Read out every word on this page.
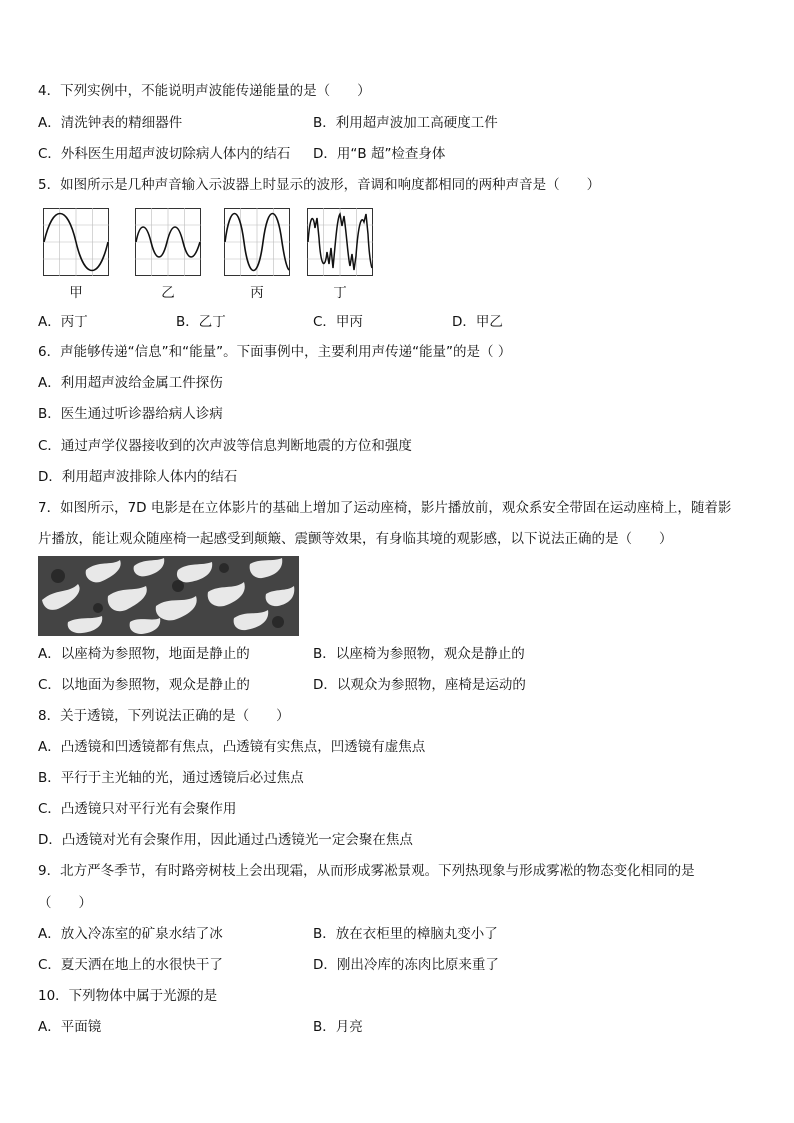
4．下列实例中，不能说明声波能传递能量的是（　　）
A．清洗钟表的精细器件	B．利用超声波加工高硬度工件
C．外科医生用超声波切除病人体内的结石 D．用“B 超”检查身体
5．如图所示是几种声音输入示波器上时显示的波形，音调和响度都相同的两种声音是（　　）
甲	乙	丙	丁
A．丙丁	B．乙丁	C．甲丙	D．甲乙
6．声能够传递“信息”和“能量”。下面事例中，主要利用声传递“能量”的是（ ）
A．利用超声波给金属工件探伤
B．医生通过听诊器给病人诊病
C．通过声学仪器接收到的次声波等信息判断地震的方位和强度
D．利用超声波排除人体内的结石
7．如图所示，7D 电影是在立体影片的基础上增加了运动座椅，影片播放前，观众系安全带固在运动座椅上，随着影
片播放，能让观众随座椅一起感受到颠簸、震颤等效果，有身临其境的观影感，以下说法正确的是（　　）
A．以座椅为参照物，地面是静止的	B．以座椅为参照物，观众是静止的
C．以地面为参照物，观众是静止的	D．以观众为参照物，座椅是运动的
8．关于透镜，下列说法正确的是（　　）
A．凸透镜和凹透镜都有焦点，凸透镜有实焦点，凹透镜有虚焦点
B．平行于主光轴的光，通过透镜后必过焦点
C．凸透镜只对平行光有会聚作用
D．凸透镜对光有会聚作用，因此通过凸透镜光一定会聚在焦点
9．北方严冬季节，有时路旁树枝上会出现霜，从而形成雾凇景观。下列热现象与形成雾凇的物态变化相同的是
（　　）
A．放入冷冻室的矿泉水结了冰	B．放在衣柜里的樟脑丸变小了
C．夏天洒在地上的水很快干了	D．刚出冷库的冻肉比原来重了
10．下列物体中属于光源的是
A．平面镜	B．月亮
